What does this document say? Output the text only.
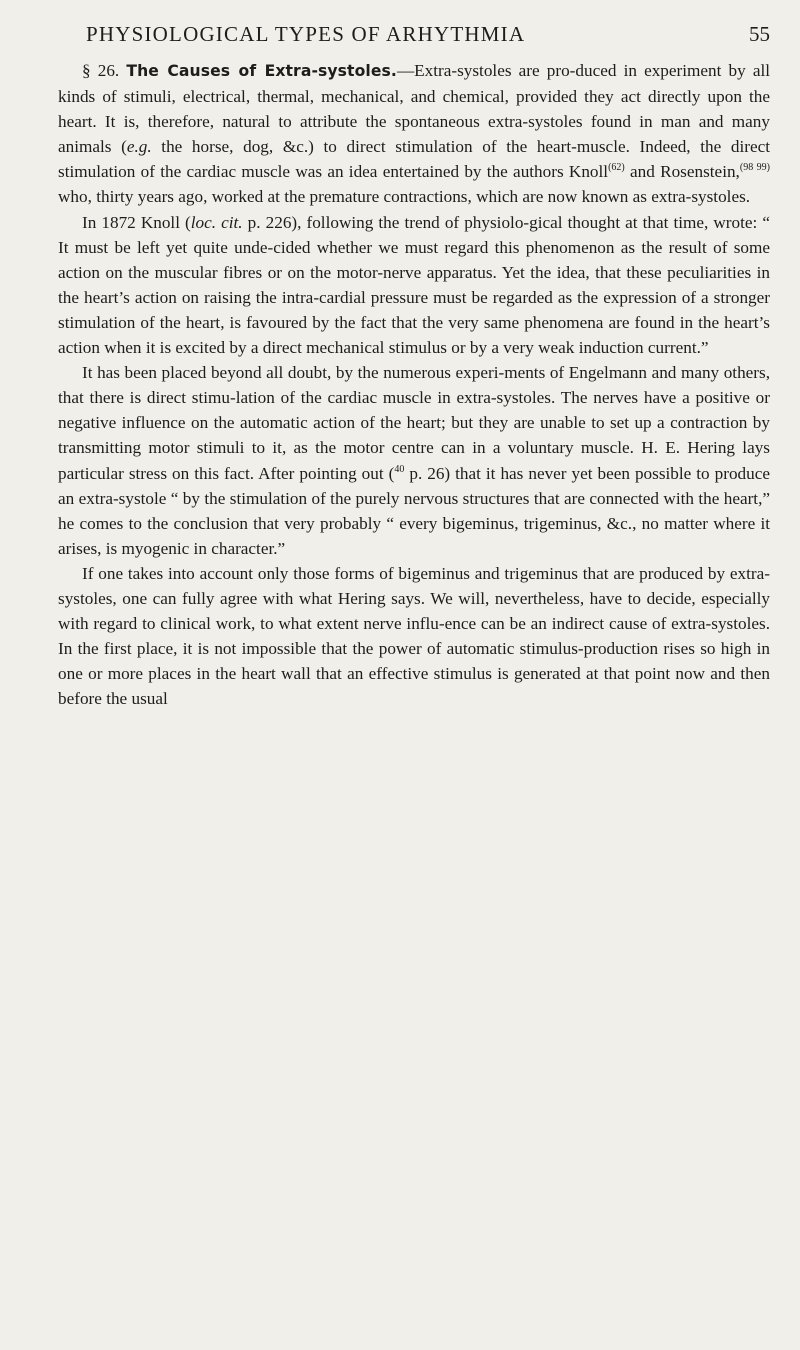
PHYSIOLOGICAL TYPES OF ARHYTHMIA	55

§ 26. The Causes of Extra-systoles.—Extra-systoles are pro-duced in experiment by all kinds of stimuli, electrical, thermal, mechanical, and chemical, provided they act directly upon the heart. It is, therefore, natural to attribute the spontaneous extra-systoles found in man and many animals (e.g. the horse, dog, &c.) to direct stimulation of the heart-muscle. Indeed, the direct stimulation of the cardiac muscle was an idea entertained by the authors Knoll$^{(62)}$ and Rosenstein,$^{(98 99)}$ who, thirty years ago, worked at the premature contractions, which are now known as extra-systoles.

In 1872 Knoll (loc. cit. p. 226), following the trend of physiolo-gical thought at that time, wrote: “ It must be left yet quite unde-cided whether we must regard this phenomenon as the result of some action on the muscular fibres or on the motor-nerve apparatus. Yet the idea, that these peculiarities in the heart’s action on raising the intra-cardial pressure must be regarded as the expression of a stronger stimulation of the heart, is favoured by the fact that the very same phenomena are found in the heart’s action when it is excited by a direct mechanical stimulus or by a very weak induction current.”

It has been placed beyond all doubt, by the numerous experi-ments of Engelmann and many others, that there is direct stimu-lation of the cardiac muscle in extra-systoles. The nerves have a positive or negative influence on the automatic action of the heart; but they are unable to set up a contraction by transmitting motor stimuli to it, as the motor centre can in a voluntary muscle. H. E. Hering lays particular stress on this fact. After pointing out ($^{40}$ p. 26) that it has never yet been possible to produce an extra-systole “ by the stimulation of the purely nervous structures that are connected with the heart,” he comes to the conclusion that very probably “ every bigeminus, trigeminus, &c., no matter where it arises, is myogenic in character.”

If one takes into account only those forms of bigeminus and trigeminus that are produced by extra-systoles, one can fully agree with what Hering says. We will, nevertheless, have to decide, especially with regard to clinical work, to what extent nerve influ-ence can be an indirect cause of extra-systoles. In the first place, it is not impossible that the power of automatic stimulus-production rises so high in one or more places in the heart wall that an effective stimulus is generated at that point now and then before the usual
